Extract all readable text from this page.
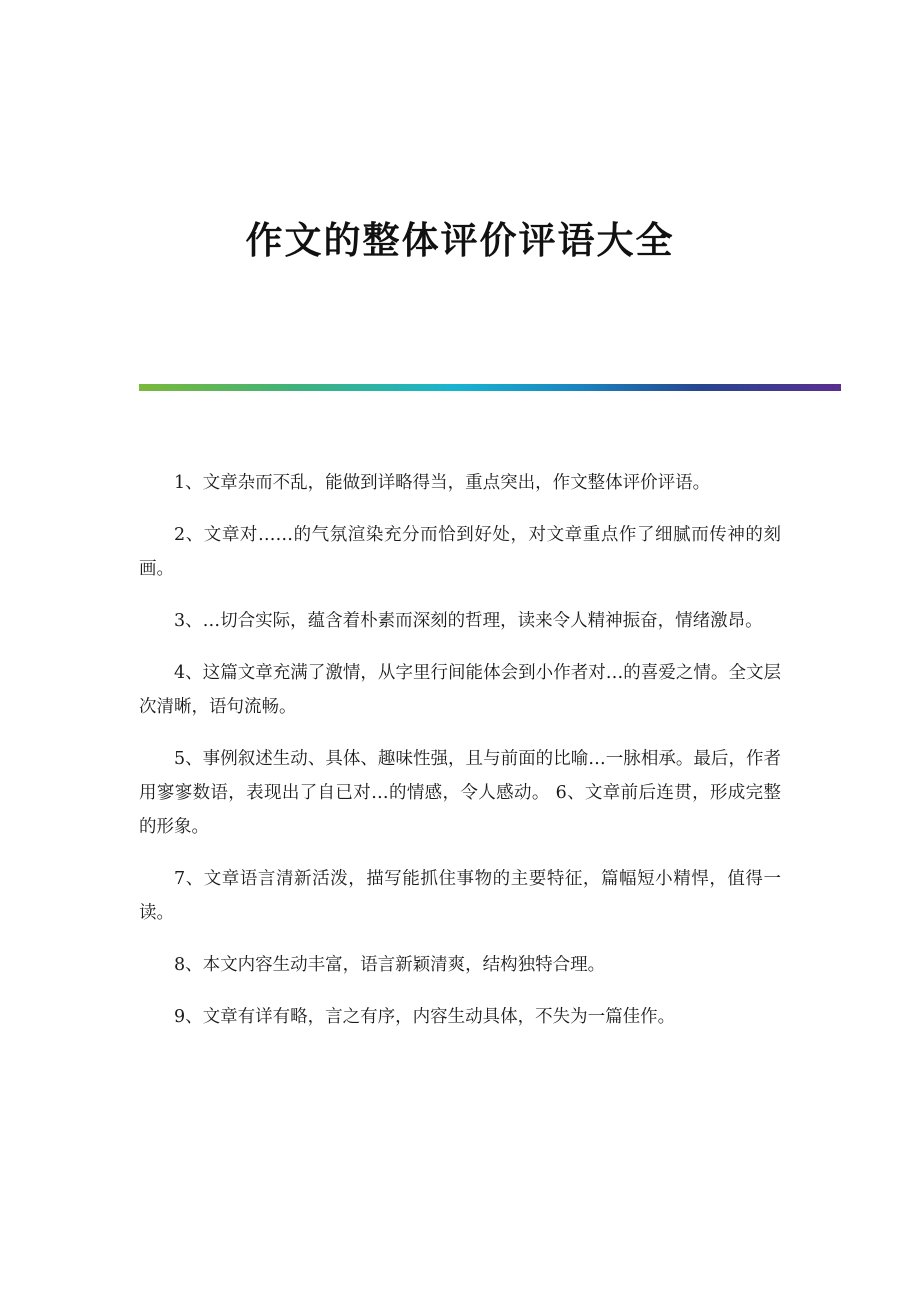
作文的整体评价评语大全

1、文章杂而不乱，能做到详略得当，重点突出，作文整体评价评语。

2、文章对……的气氛渲染充分而恰到好处，对文章重点作了细腻而传神的刻画。

3、…切合实际，蕴含着朴素而深刻的哲理，读来令人精神振奋，情绪激昂。

4、这篇文章充满了激情，从字里行间能体会到小作者对…的喜爱之情。全文层次清晰，语句流畅。

5、事例叙述生动、具体、趣味性强，且与前面的比喻…一脉相承。最后，作者用寥寥数语，表现出了自已对…的情感，令人感动。 6、文章前后连贯，形成完整的形象。

7、文章语言清新活泼，描写能抓住事物的主要特征，篇幅短小精悍，值得一读。

8、本文内容生动丰富，语言新颖清爽，结构独特合理。

9、文章有详有略，言之有序，内容生动具体，不失为一篇佳作。
